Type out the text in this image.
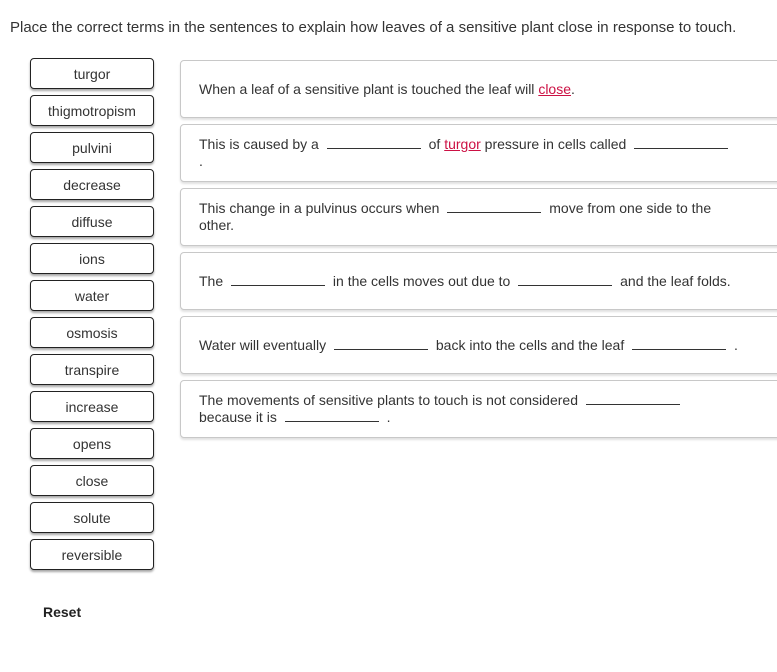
Place the correct terms in the sentences to explain how leaves of a sensitive plant close in response to touch.
turgor
thigmotropism
pulvini
decrease
diffuse
ions
water
osmosis
transpire
increase
opens
close
solute
reversible
Reset
When a leaf of a sensitive plant is touched the leaf will close.
This is caused by a	of turgor pressure in cells called  .
This change in a pulvinus occurs when	move from one side to the other.
The	in the cells moves out due to	and the leaf folds.
Water will eventually	back into the cells and the leaf	.
The movements of sensitive plants to touch is not considered
because it is	.
